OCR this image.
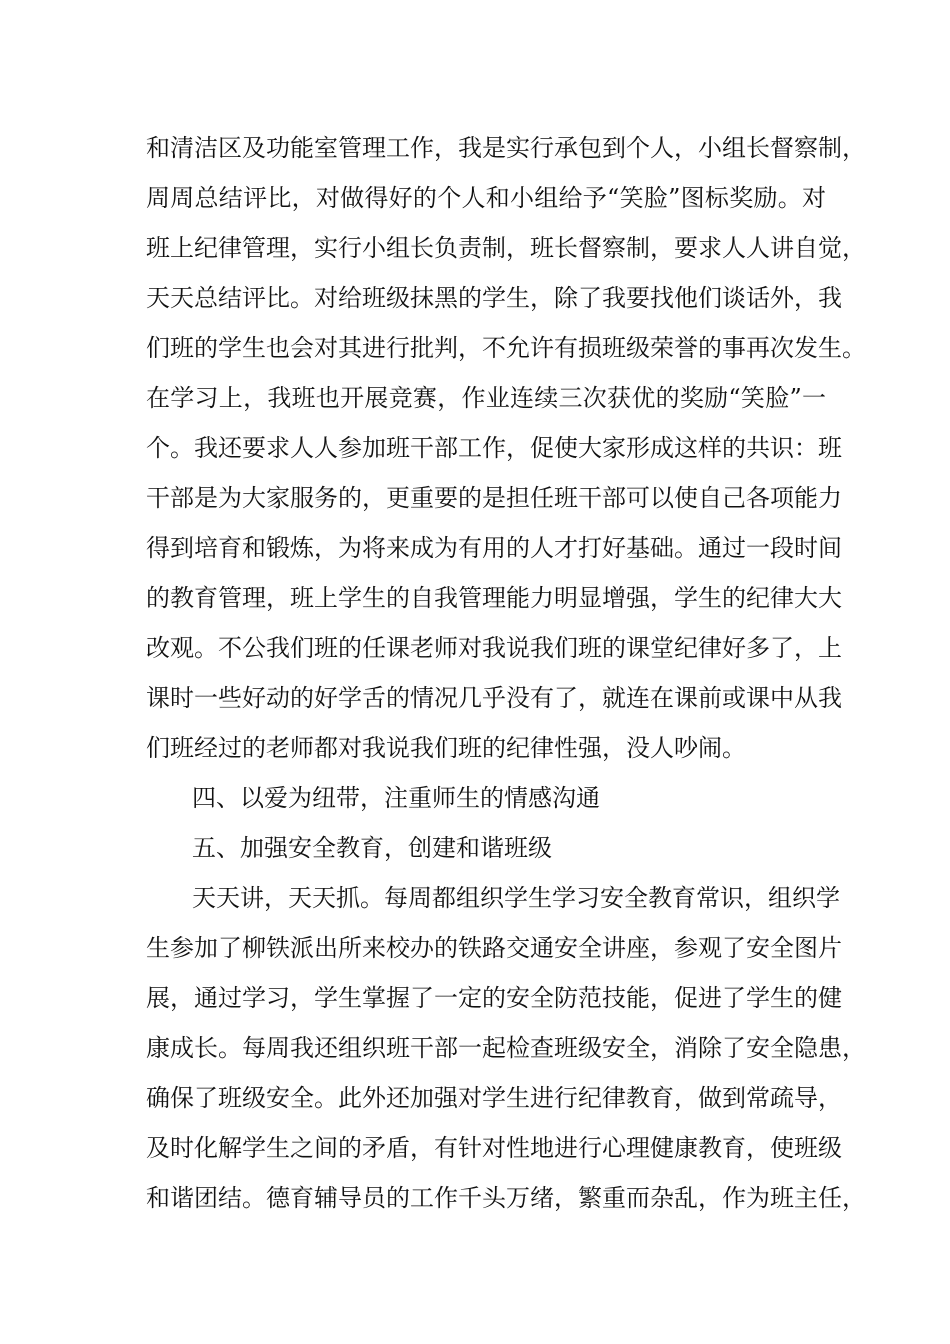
和清洁区及功能室管理工作，我是实行承包到个人，小组长督察制，
周周总结评比，对做得好的个人和小组给予“笑脸”图标奖励。对
班上纪律管理，实行小组长负责制，班长督察制，要求人人讲自觉，
天天总结评比。对给班级抹黑的学生，除了我要找他们谈话外，我
们班的学生也会对其进行批判，不允许有损班级荣誉的事再次发生。
在学习上，我班也开展竞赛，作业连续三次获优的奖励“笑脸”一
个。我还要求人人参加班干部工作，促使大家形成这样的共识：班
干部是为大家服务的，更重要的是担任班干部可以使自己各项能力
得到培育和锻炼，为将来成为有用的人才打好基础。通过一段时间
的教育管理，班上学生的自我管理能力明显增强，学生的纪律大大
改观。不公我们班的任课老师对我说我们班的课堂纪律好多了，上
课时一些好动的好学舌的情况几乎没有了，就连在课前或课中从我
们班经过的老师都对我说我们班的纪律性强，没人吵闹。
四、以爱为纽带，注重师生的情感沟通
五、加强安全教育，创建和谐班级
天天讲，天天抓。每周都组织学生学习安全教育常识，组织学
生参加了柳铁派出所来校办的铁路交通安全讲座，参观了安全图片
展，通过学习，学生掌握了一定的安全防范技能，促进了学生的健
康成长。每周我还组织班干部一起检查班级安全，消除了安全隐患，
确保了班级安全。此外还加强对学生进行纪律教育，做到常疏导，
及时化解学生之间的矛盾，有针对性地进行心理健康教育，使班级
和谐团结。德育辅导员的工作千头万绪，繁重而杂乱，作为班主任，
